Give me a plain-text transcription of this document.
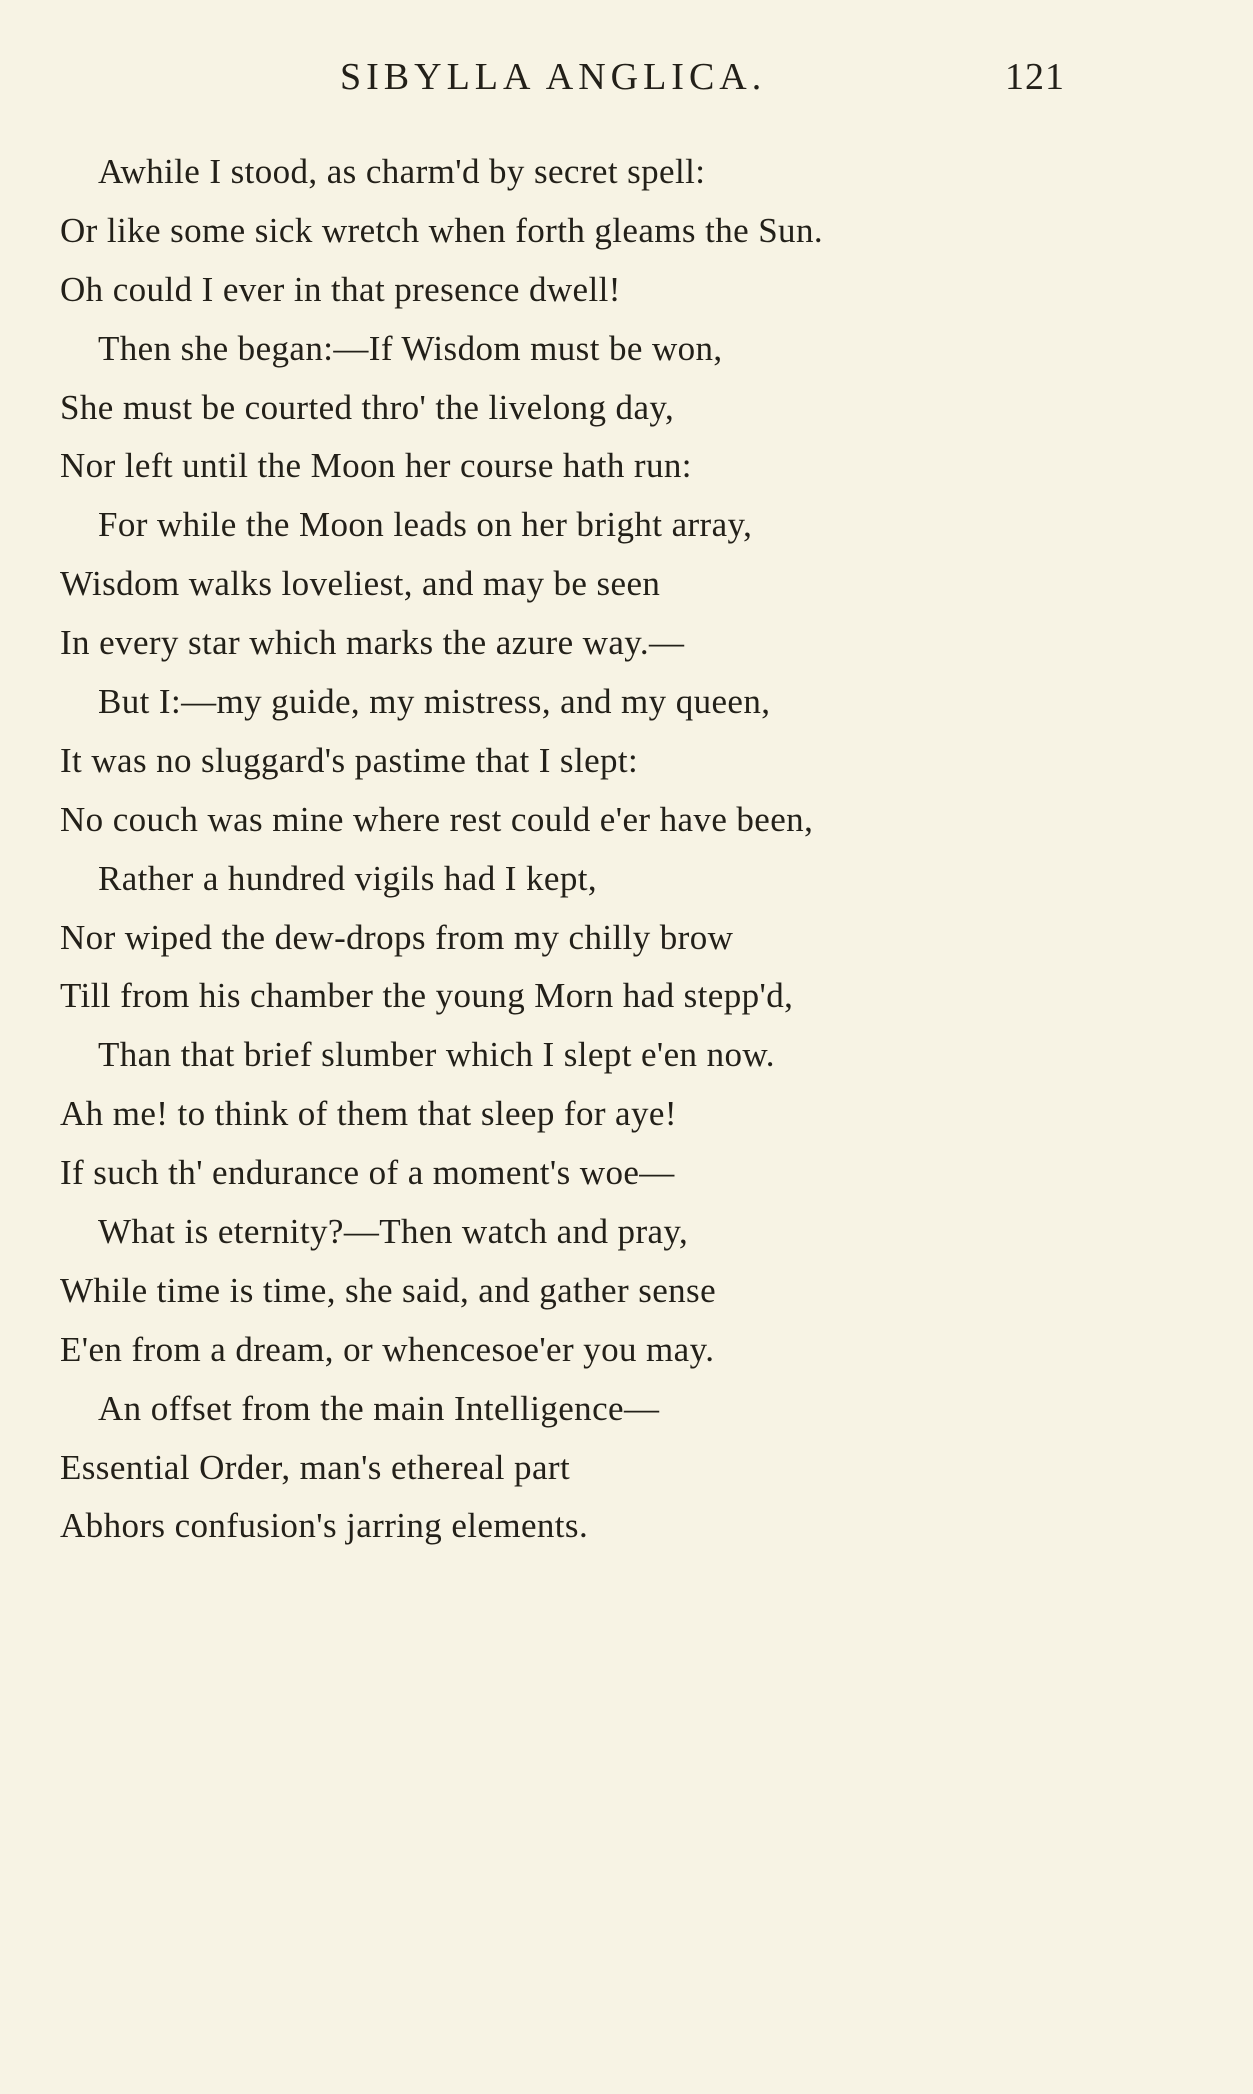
SIBYLLA ANGLICA.	121
Awhile I stood, as charm'd by secret spell:
Or like some sick wretch when forth gleams the Sun.
Oh could I ever in that presence dwell!
Then she began:—If Wisdom must be won,
She must be courted thro' the livelong day,
Nor left until the Moon her course hath run:
For while the Moon leads on her bright array,
Wisdom walks loveliest, and may be seen
In every star which marks the azure way.—
But I:—my guide, my mistress, and my queen,
It was no sluggard's pastime that I slept:
No couch was mine where rest could e'er have been,
Rather a hundred vigils had I kept,
Nor wiped the dew-drops from my chilly brow
Till from his chamber the young Morn had stepp'd,
Than that brief slumber which I slept e'en now.
Ah me! to think of them that sleep for aye!
If such th' endurance of a moment's woe—
What is eternity?—Then watch and pray,
While time is time, she said, and gather sense
E'en from a dream, or whencesoe'er you may.
An offset from the main Intelligence—
Essential Order, man's ethereal part
Abhors confusion's jarring elements.
